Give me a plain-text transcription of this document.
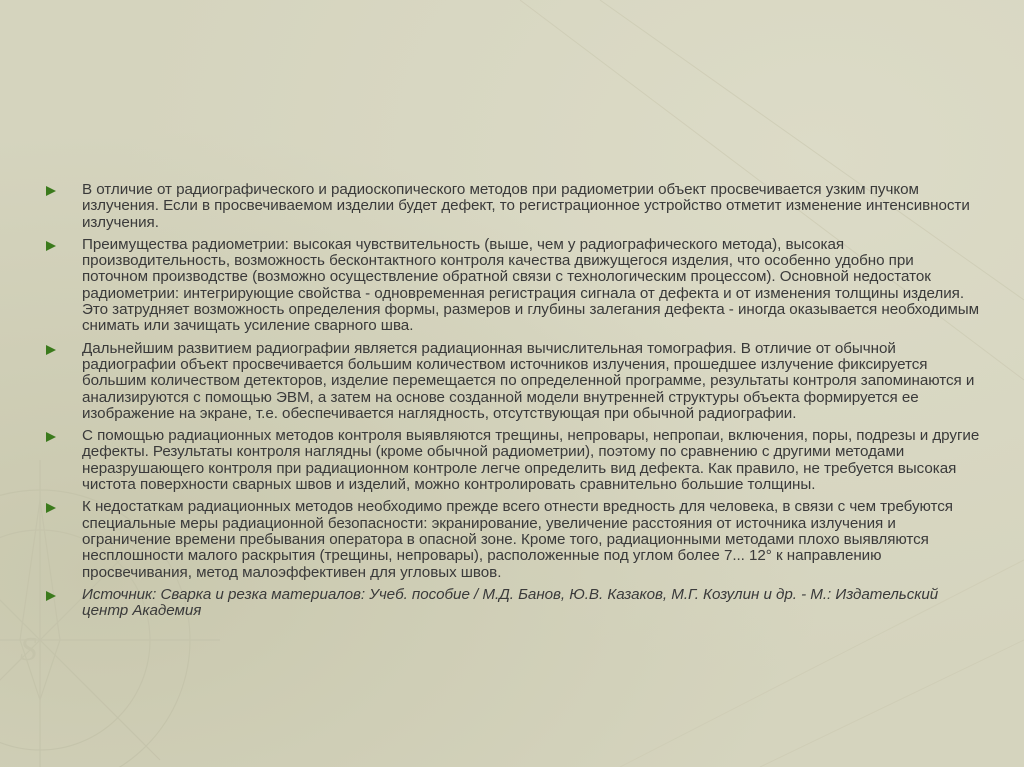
S
В отличие от радиографического и радиоскопического методов при радиометрии объект просвечивается узким пучком излучения. Если в просвечиваемом изделии будет дефект, то регистрационное устройство отметит изменение интенсивности излучения.
Преимущества радиометрии: высокая чувствительность (выше, чем у радиографического метода), высокая производительность, возможность бесконтактного контроля качества движущегося изделия, что особенно удобно при поточном производстве (возможно осуществление обратной связи с технологическим процессом). Основной недостаток радиометрии: интегрирующие свойства - одновременная регистрация сигнала от дефекта и от изменения толщины изделия. Это затрудняет возможность определения формы, размеров и глубины залегания дефекта - иногда оказывается необходимым снимать или зачищать усиление сварного шва.
Дальнейшим развитием радиографии является радиационная вычислительная томография. В отличие от обычной радиографии объект просвечивается большим количеством источников излучения, прошедшее излучение фиксируется большим количеством детекторов, изделие перемещается по определенной программе, результаты контроля запоминаются и анализируются с помощью ЭВМ, а затем на основе созданной модели внутренней структуры объекта формируется ее изображение на экране, т.е. обеспечивается наглядность, отсутствующая при обычной радиографии.
С помощью радиационных методов контроля выявляются трещины, непровары, непропаи, включения, поры, подрезы и другие дефекты. Результаты контроля наглядны (кроме обычной радиометрии), поэтому по сравнению с другими методами неразрушающего контроля при радиационном контроле легче определить вид дефекта. Как правило, не требуется высокая чистота поверхности сварных швов и изделий, можно контролировать сравнительно большие толщины.
К недостаткам радиационных методов необходимо прежде всего отнести вредность для человека, в связи с чем требуются специальные меры радиационной безопасности: экранирование, увеличение расстояния от источника излучения и ограничение времени пребывания оператора в опасной зоне. Кроме того, радиационными методами плохо выявляются несплошности малого раскрытия (трещины, непровары), расположенные под углом более 7... 12° к направлению просвечивания, метод малоэффективен для угловых швов.
Источник: Сварка и резка материалов: Учеб. пособие / М.Д. Банов, Ю.В. Казаков, М.Г. Козулин и др. - М.: Издательский центр Академия
